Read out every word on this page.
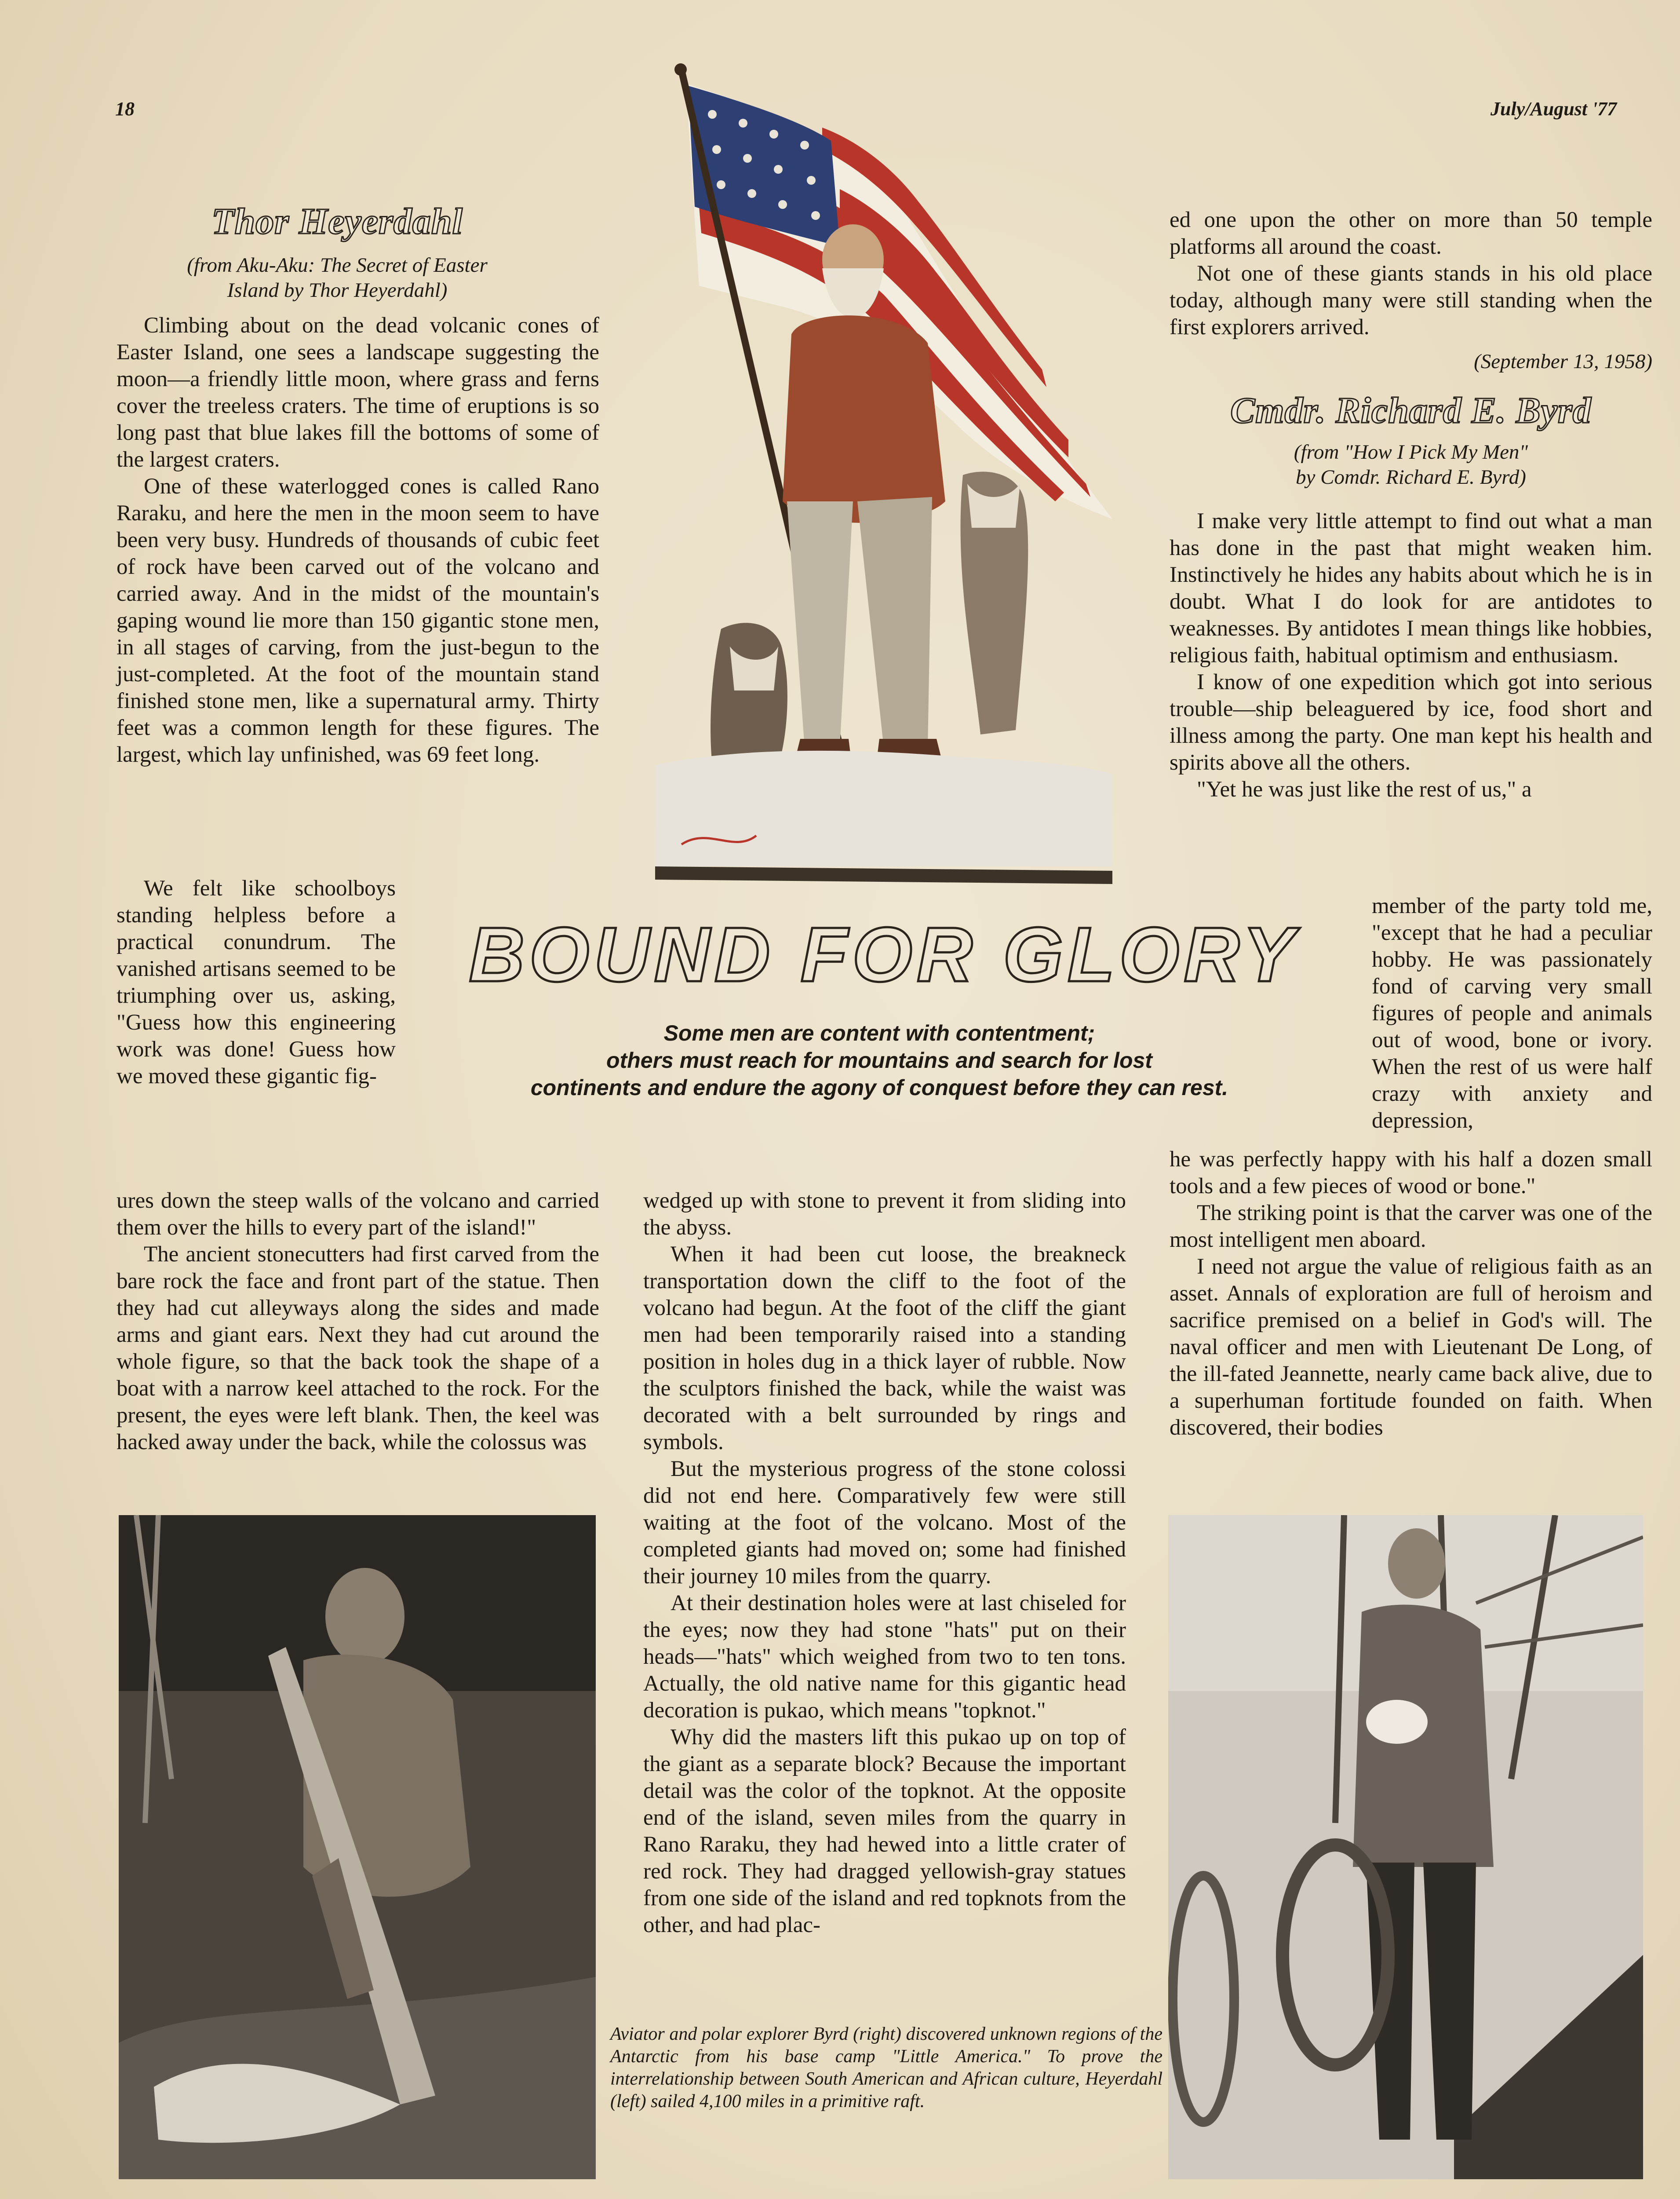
18	July/August '77
Thor Heyerdahl
(from Aku-Aku: The Secret of Easter
Island by Thor Heyerdahl)

Climbing about on the dead volcanic cones of Easter Island, one sees a landscape suggesting the moon—a friendly little moon, where grass and ferns cover the treeless craters. The time of eruptions is so long past that blue lakes fill the bottoms of some of the largest craters.

One of these waterlogged cones is called Rano Raraku, and here the men in the moon seem to have been very busy. Hundreds of thousands of cubic feet of rock have been carved out of the volcano and carried away. And in the midst of the mountain's gaping wound lie more than 150 gigantic stone men, in all stages of carving, from the just-begun to the just-completed. At the foot of the mountain stand finished stone men, like a supernatural army. Thirty feet was a common length for these figures. The largest, which lay unfinished, was 69 feet long.

We felt like schoolboys standing helpless before a practical conundrum. The vanished artisans seemed to be triumphing over us, asking, "Guess how this engineering work was done! Guess how we moved these gigantic fig-

ures down the steep walls of the volcano and carried them over the hills to every part of the island!"

The ancient stonecutters had first carved from the bare rock the face and front part of the statue. Then they had cut alleyways along the sides and made arms and giant ears. Next they had cut around the whole figure, so that the back took the shape of a boat with a narrow keel attached to the rock. For the present, the eyes were left blank. Then, the keel was hacked away under the back, while the colossus was

wedged up with stone to prevent it from sliding into the abyss.

When it had been cut loose, the breakneck transportation down the cliff to the foot of the volcano had begun. At the foot of the cliff the giant men had been temporarily raised into a standing position in holes dug in a thick layer of rubble. Now the sculptors finished the back, while the waist was decorated with a belt surrounded by rings and symbols.

But the mysterious progress of the stone colossi did not end here. Comparatively few were still waiting at the foot of the volcano. Most of the completed giants had moved on; some had finished their journey 10 miles from the quarry.

At their destination holes were at last chiseled for the eyes; now they had stone "hats" put on their heads—"hats" which weighed from two to ten tons. Actually, the old native name for this gigantic head decoration is pukao, which means "topknot."

Why did the masters lift this pukao up on top of the giant as a separate block? Because the important detail was the color of the topknot. At the opposite end of the island, seven miles from the quarry in Rano Raraku, they had hewed into a little crater of red rock. They had dragged yellowish-gray statues from one side of the island and red topknots from the other, and had plac-

ed one upon the other on more than 50 temple platforms all around the coast.

Not one of these giants stands in his old place today, although many were still standing when the first explorers arrived.

(September 13, 1958)
Cmdr. Richard E. Byrd
(from "How I Pick My Men"
by Comdr. Richard E. Byrd)

I make very little attempt to find out what a man has done in the past that might weaken him. Instinctively he hides any habits about which he is in doubt. What I do look for are antidotes to weaknesses. By antidotes I mean things like hobbies, religious faith, habitual optimism and enthusiasm.

I know of one expedition which got into serious trouble—ship beleaguered by ice, food short and illness among the party. One man kept his health and spirits above all the others.

"Yet he was just like the rest of us," a

member of the party told me, "except that he had a peculiar hobby. He was passionately fond of carving very small figures of people and animals out of wood, bone or ivory. When the rest of us were half crazy with anxiety and depression,

he was perfectly happy with his half a dozen small tools and a few pieces of wood or bone."

The striking point is that the carver was one of the most intelligent men aboard.

I need not argue the value of religious faith as an asset. Annals of exploration are full of heroism and sacrifice premised on a belief in God's will. The naval officer and men with Lieutenant De Long, of the ill-fated Jeannette, nearly came back alive, due to a superhuman fortitude founded on faith. When discovered, their bodies

BOUND FOR GLORY
Some men are content with contentment;
others must reach for mountains and search for lost
continents and endure the agony of conquest before they can rest.
Aviator and polar explorer Byrd (right) discovered unknown regions of the Antarctic from his base camp "Little America." To prove the interrelationship between South American and African culture, Heyerdahl (left) sailed 4,100 miles in a primitive raft.
